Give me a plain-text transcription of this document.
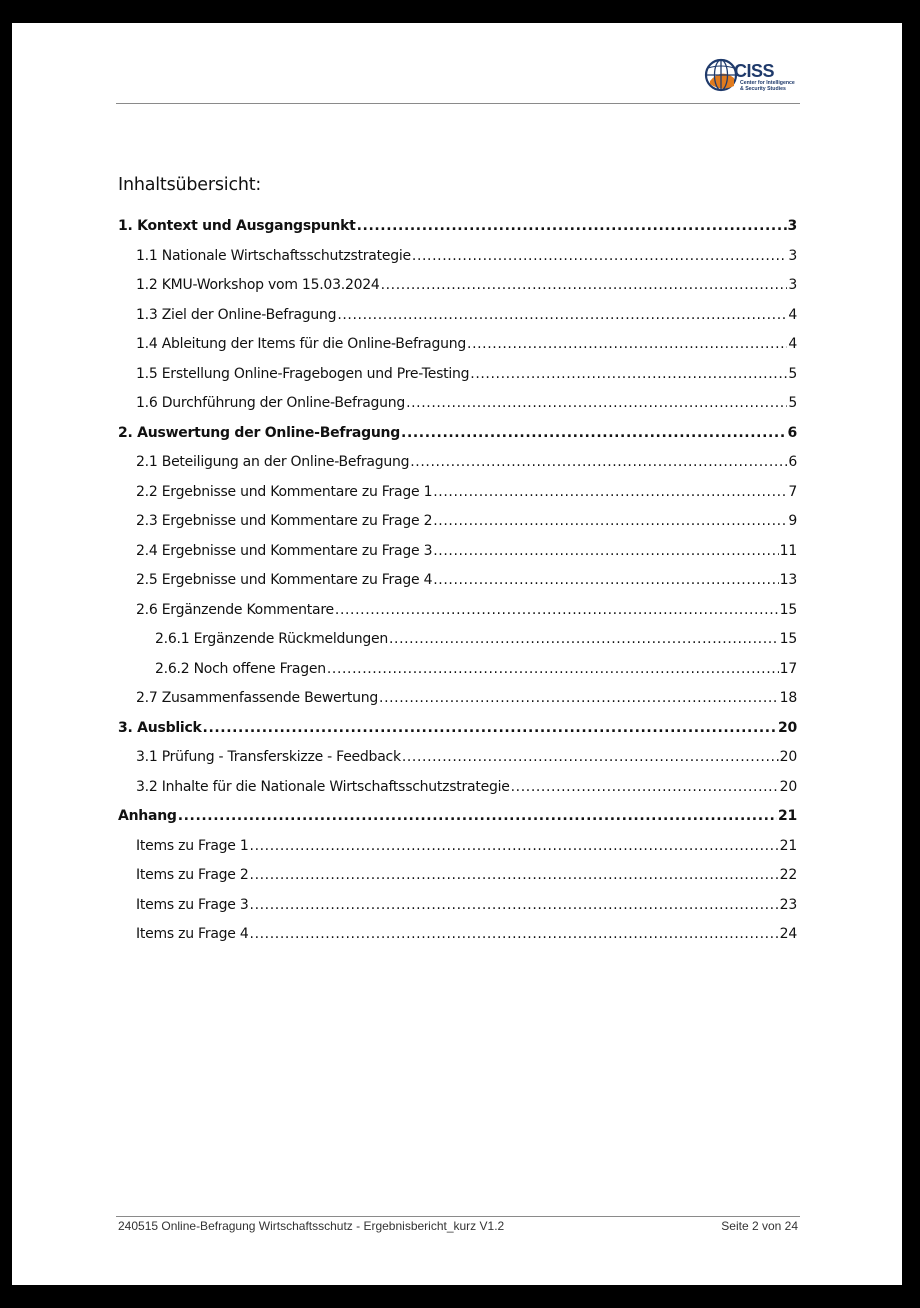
CISS
Center for Intelligence
& Security Studies
Inhaltsübersicht:
1. Kontext und Ausgangspunkt .....	3
1.1 Nationale Wirtschaftsschutzstrategie .....	3
1.2 KMU-Workshop vom 15.03.2024 .....	3
1.3 Ziel der Online-Befragung .....	4
1.4 Ableitung der Items für die Online-Befragung .....	4
1.5 Erstellung Online-Fragebogen und Pre-Testing .....	5
1.6 Durchführung der Online-Befragung .....	5
2. Auswertung der Online-Befragung .....	6
2.1 Beteiligung an der Online-Befragung .....	6
2.2 Ergebnisse und Kommentare zu Frage 1 .....	7
2.3 Ergebnisse und Kommentare zu Frage 2 .....	9
2.4 Ergebnisse und Kommentare zu Frage 3 .....	11
2.5 Ergebnisse und Kommentare zu Frage 4 .....	13
2.6 Ergänzende Kommentare .....	15
2.6.1 Ergänzende Rückmeldungen .....	15
2.6.2 Noch offene Fragen .....	17
2.7 Zusammenfassende Bewertung .....	18
3. Ausblick .....	20
3.1 Prüfung - Transferskizze - Feedback .....	20
3.2 Inhalte für die Nationale Wirtschaftsschutzstrategie .....	20
Anhang .....	21
Items zu Frage 1 .....	21
Items zu Frage 2 .....	22
Items zu Frage 3 .....	23
Items zu Frage 4 .....	24
240515 Online-Befragung Wirtschaftsschutz - Ergebnisbericht_kurz V1.2	Seite 2 von 24
